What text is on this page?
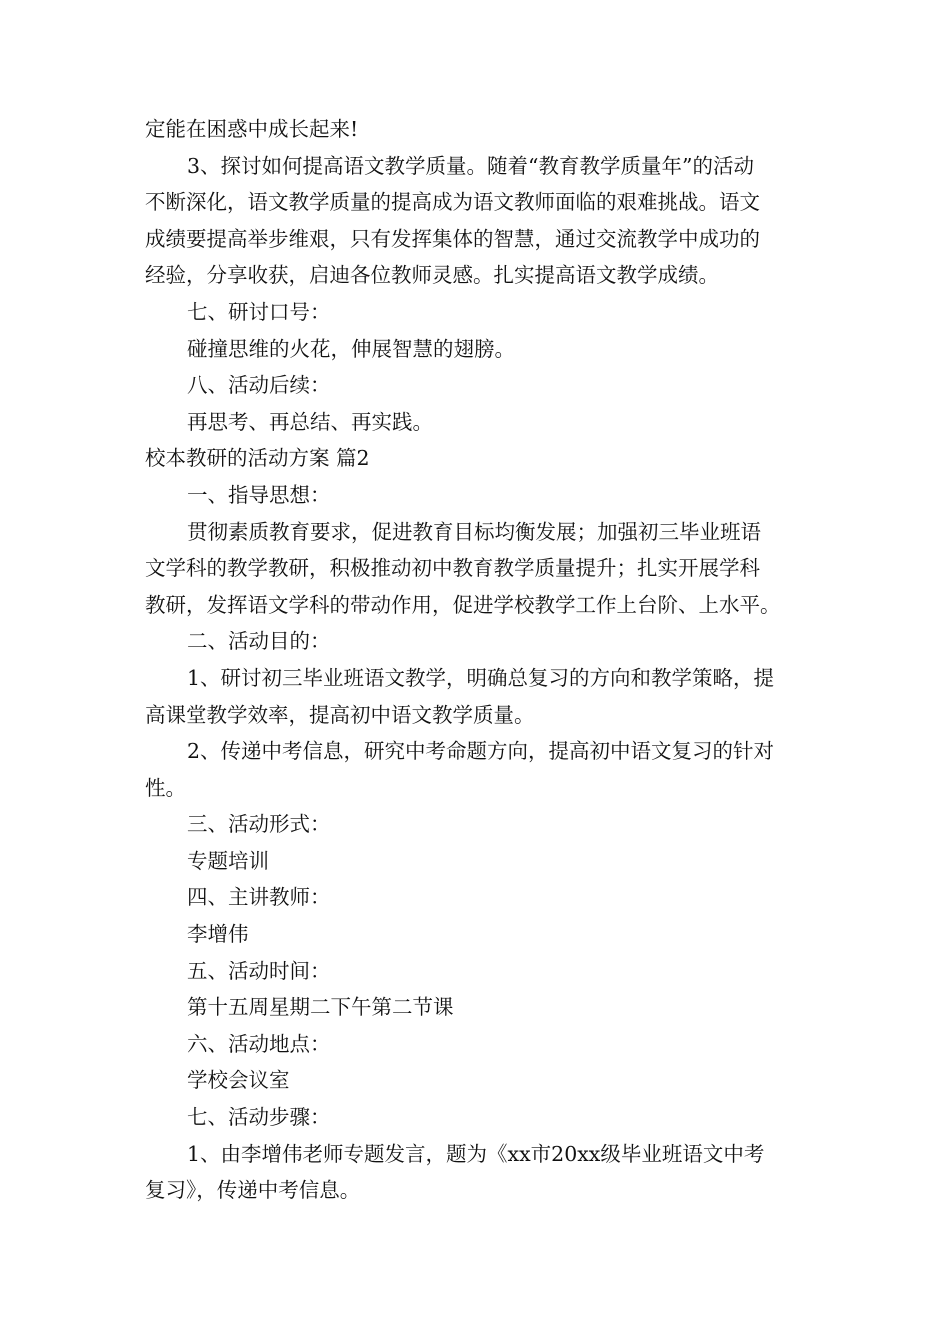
定能在困惑中成长起来!

3、探讨如何提高语文教学质量。随着“教育教学质量年”的活动

不断深化，语文教学质量的提高成为语文教师面临的艰难挑战。语文

成绩要提高举步维艰，只有发挥集体的智慧，通过交流教学中成功的

经验，分享收获，启迪各位教师灵感。扎实提高语文教学成绩。

七、研讨口号：

碰撞思维的火花，伸展智慧的翅膀。

八、活动后续：

再思考、再总结、再实践。

校本教研的活动方案 篇2

一、指导思想：

贯彻素质教育要求，促进教育目标均衡发展；加强初三毕业班语

文学科的教学教研，积极推动初中教育教学质量提升；扎实开展学科

教研，发挥语文学科的带动作用，促进学校教学工作上台阶、上水平。

二、活动目的：

1、研讨初三毕业班语文教学，明确总复习的方向和教学策略，提

高课堂教学效率，提高初中语文教学质量。

2、传递中考信息，研究中考命题方向，提高初中语文复习的针对

性。

三、活动形式：

专题培训

四、主讲教师：

李增伟

五、活动时间：

第十五周星期二下午第二节课

六、活动地点：

学校会议室

七、活动步骤：

1、由李增伟老师专题发言，题为《xx市20xx级毕业班语文中考

复习》，传递中考信息。
